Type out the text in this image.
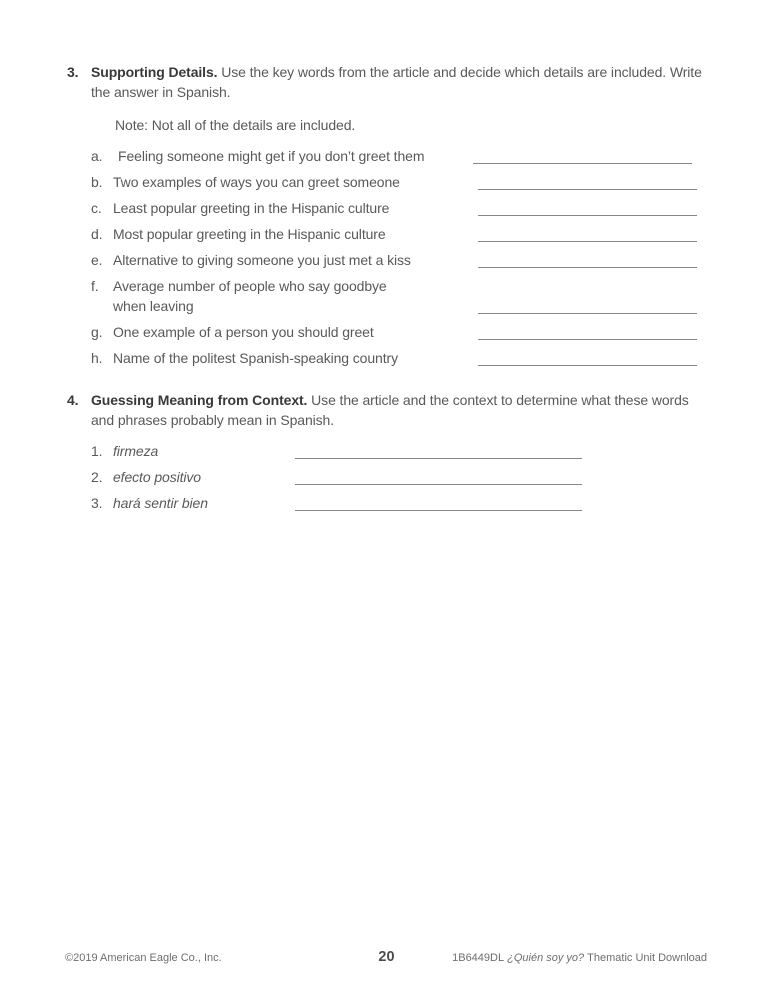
3. Supporting Details. Use the key words from the article and decide which details are included. Write the answer in Spanish.
Note: Not all of the details are included.
a.	Feeling someone might get if you don’t greet them
b. Two examples of ways you can greet someone
c. Least popular greeting in the Hispanic culture
d. Most popular greeting in the Hispanic culture
e. Alternative to giving someone you just met a kiss
f.	Average number of people who say goodbye
when leaving
g. One example of a person you should greet
h. Name of the politest Spanish-speaking country
4. Guessing Meaning from Context. Use the article and the context to determine what these words and phrases probably mean in Spanish.
1. firmeza
2. efecto positivo
3. hará sentir bien
©2019 American Eagle Co., Inc.	20	1B6449DL ¿Quién soy yo? Thematic Unit Download
